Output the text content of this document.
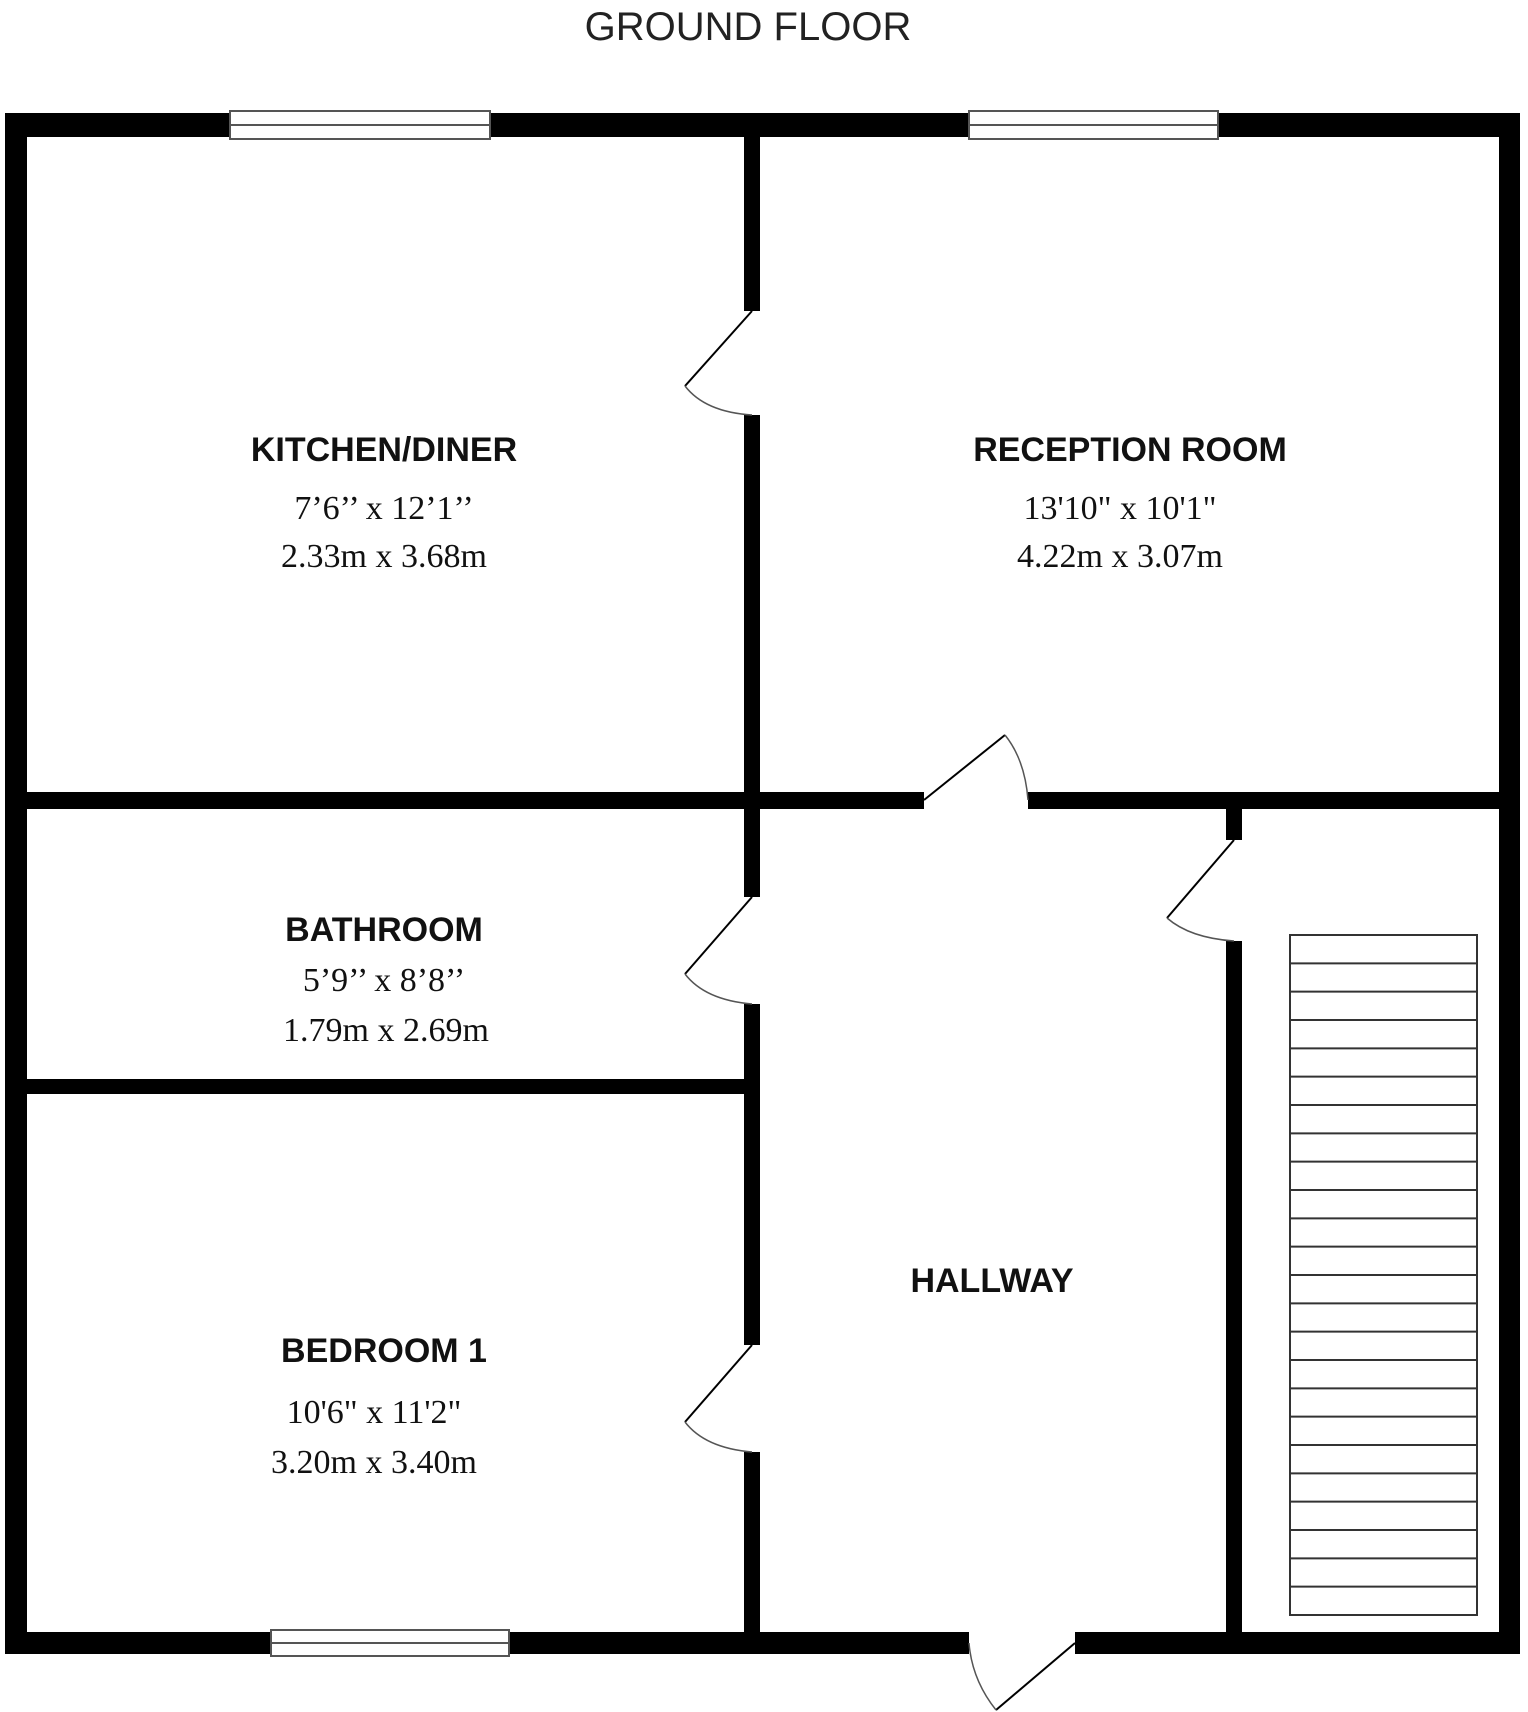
GROUND FLOOR
KITCHEN/DINER
7’6’’ x 12’1’’
2.33m x 3.68m
RECEPTION ROOM
13'10" x 10'1"
4.22m x 3.07m
BATHROOM
5’9’’ x 8’8’’
1.79m x 2.69m
BEDROOM 1
10'6" x 11'2"
3.20m x 3.40m
HALLWAY
